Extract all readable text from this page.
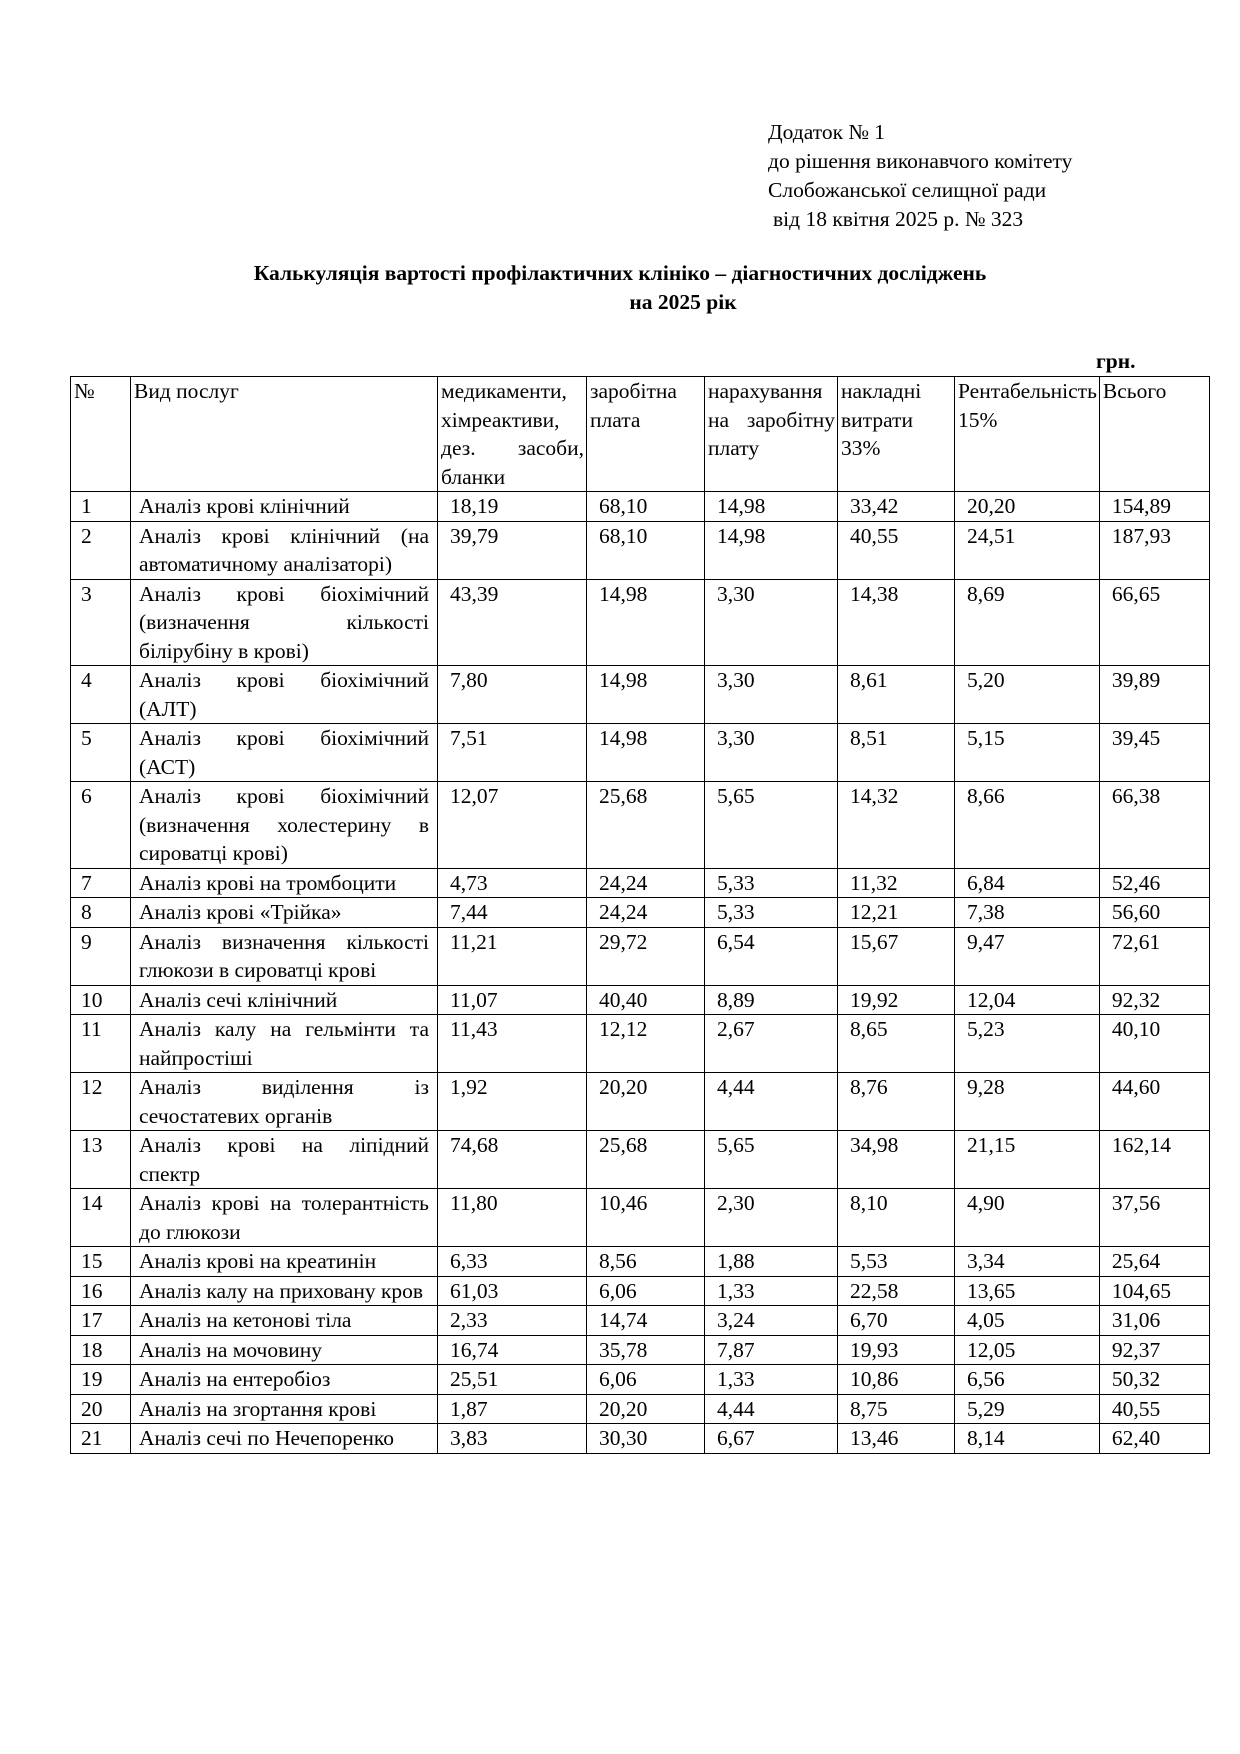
Додаток № 1
до рішення виконавчого комітету
Слобожанської селищної ради
від 18 квітня 2025 р. № 323
Калькуляція вартості профілактичних клініко – діагностичних досліджень
на 2025 рік
грн.
№	Вид послуг	медикаменти, хімреактиви, дез. засоби, бланки	заробітна плата	нарахування на заробітну плату	накладні витрати 33%	Рентабельність 15%	Всього
1	Аналіз крові клінічний	18,19	68,10	14,98	33,42	20,20	154,89
2	Аналіз крові клінічний (на автоматичному аналізаторі)	39,79	68,10	14,98	40,55	24,51	187,93
3	Аналіз крові біохімічний (визначення кількості білірубіну в крові)	43,39	14,98	3,30	14,38	8,69	66,65
4	Аналіз крові біохімічний (АЛТ)	7,80	14,98	3,30	8,61	5,20	39,89
5	Аналіз крові біохімічний (АСТ)	7,51	14,98	3,30	8,51	5,15	39,45
6	Аналіз крові біохімічний (визначення холестерину в сироватці крові)	12,07	25,68	5,65	14,32	8,66	66,38
7	Аналіз крові на тромбоцити	4,73	24,24	5,33	11,32	6,84	52,46
8	Аналіз крові «Трійка»	7,44	24,24	5,33	12,21	7,38	56,60
9	Аналіз визначення кількості глюкози в сироватці крові	11,21	29,72	6,54	15,67	9,47	72,61
10	Аналіз сечі клінічний	11,07	40,40	8,89	19,92	12,04	92,32
11	Аналіз калу на гельмінти та найпростіші	11,43	12,12	2,67	8,65	5,23	40,10
12	Аналіз виділення із сечостатевих органів	1,92	20,20	4,44	8,76	9,28	44,60
13	Аналіз крові на ліпідний спектр	74,68	25,68	5,65	34,98	21,15	162,14
14	Аналіз крові на толерантність до глюкози	11,80	10,46	2,30	8,10	4,90	37,56
15	Аналіз крові на креатинін	6,33	8,56	1,88	5,53	3,34	25,64
16	Аналіз калу на приховану кров	61,03	6,06	1,33	22,58	13,65	104,65
17	Аналіз на кетонові тіла	2,33	14,74	3,24	6,70	4,05	31,06
18	Аналіз на мочовину	16,74	35,78	7,87	19,93	12,05	92,37
19	Аналіз на ентеробіоз	25,51	6,06	1,33	10,86	6,56	50,32
20	Аналіз на згортання крові	1,87	20,20	4,44	8,75	5,29	40,55
21	Аналіз сечі по Нечепоренко	3,83	30,30	6,67	13,46	8,14	62,40
